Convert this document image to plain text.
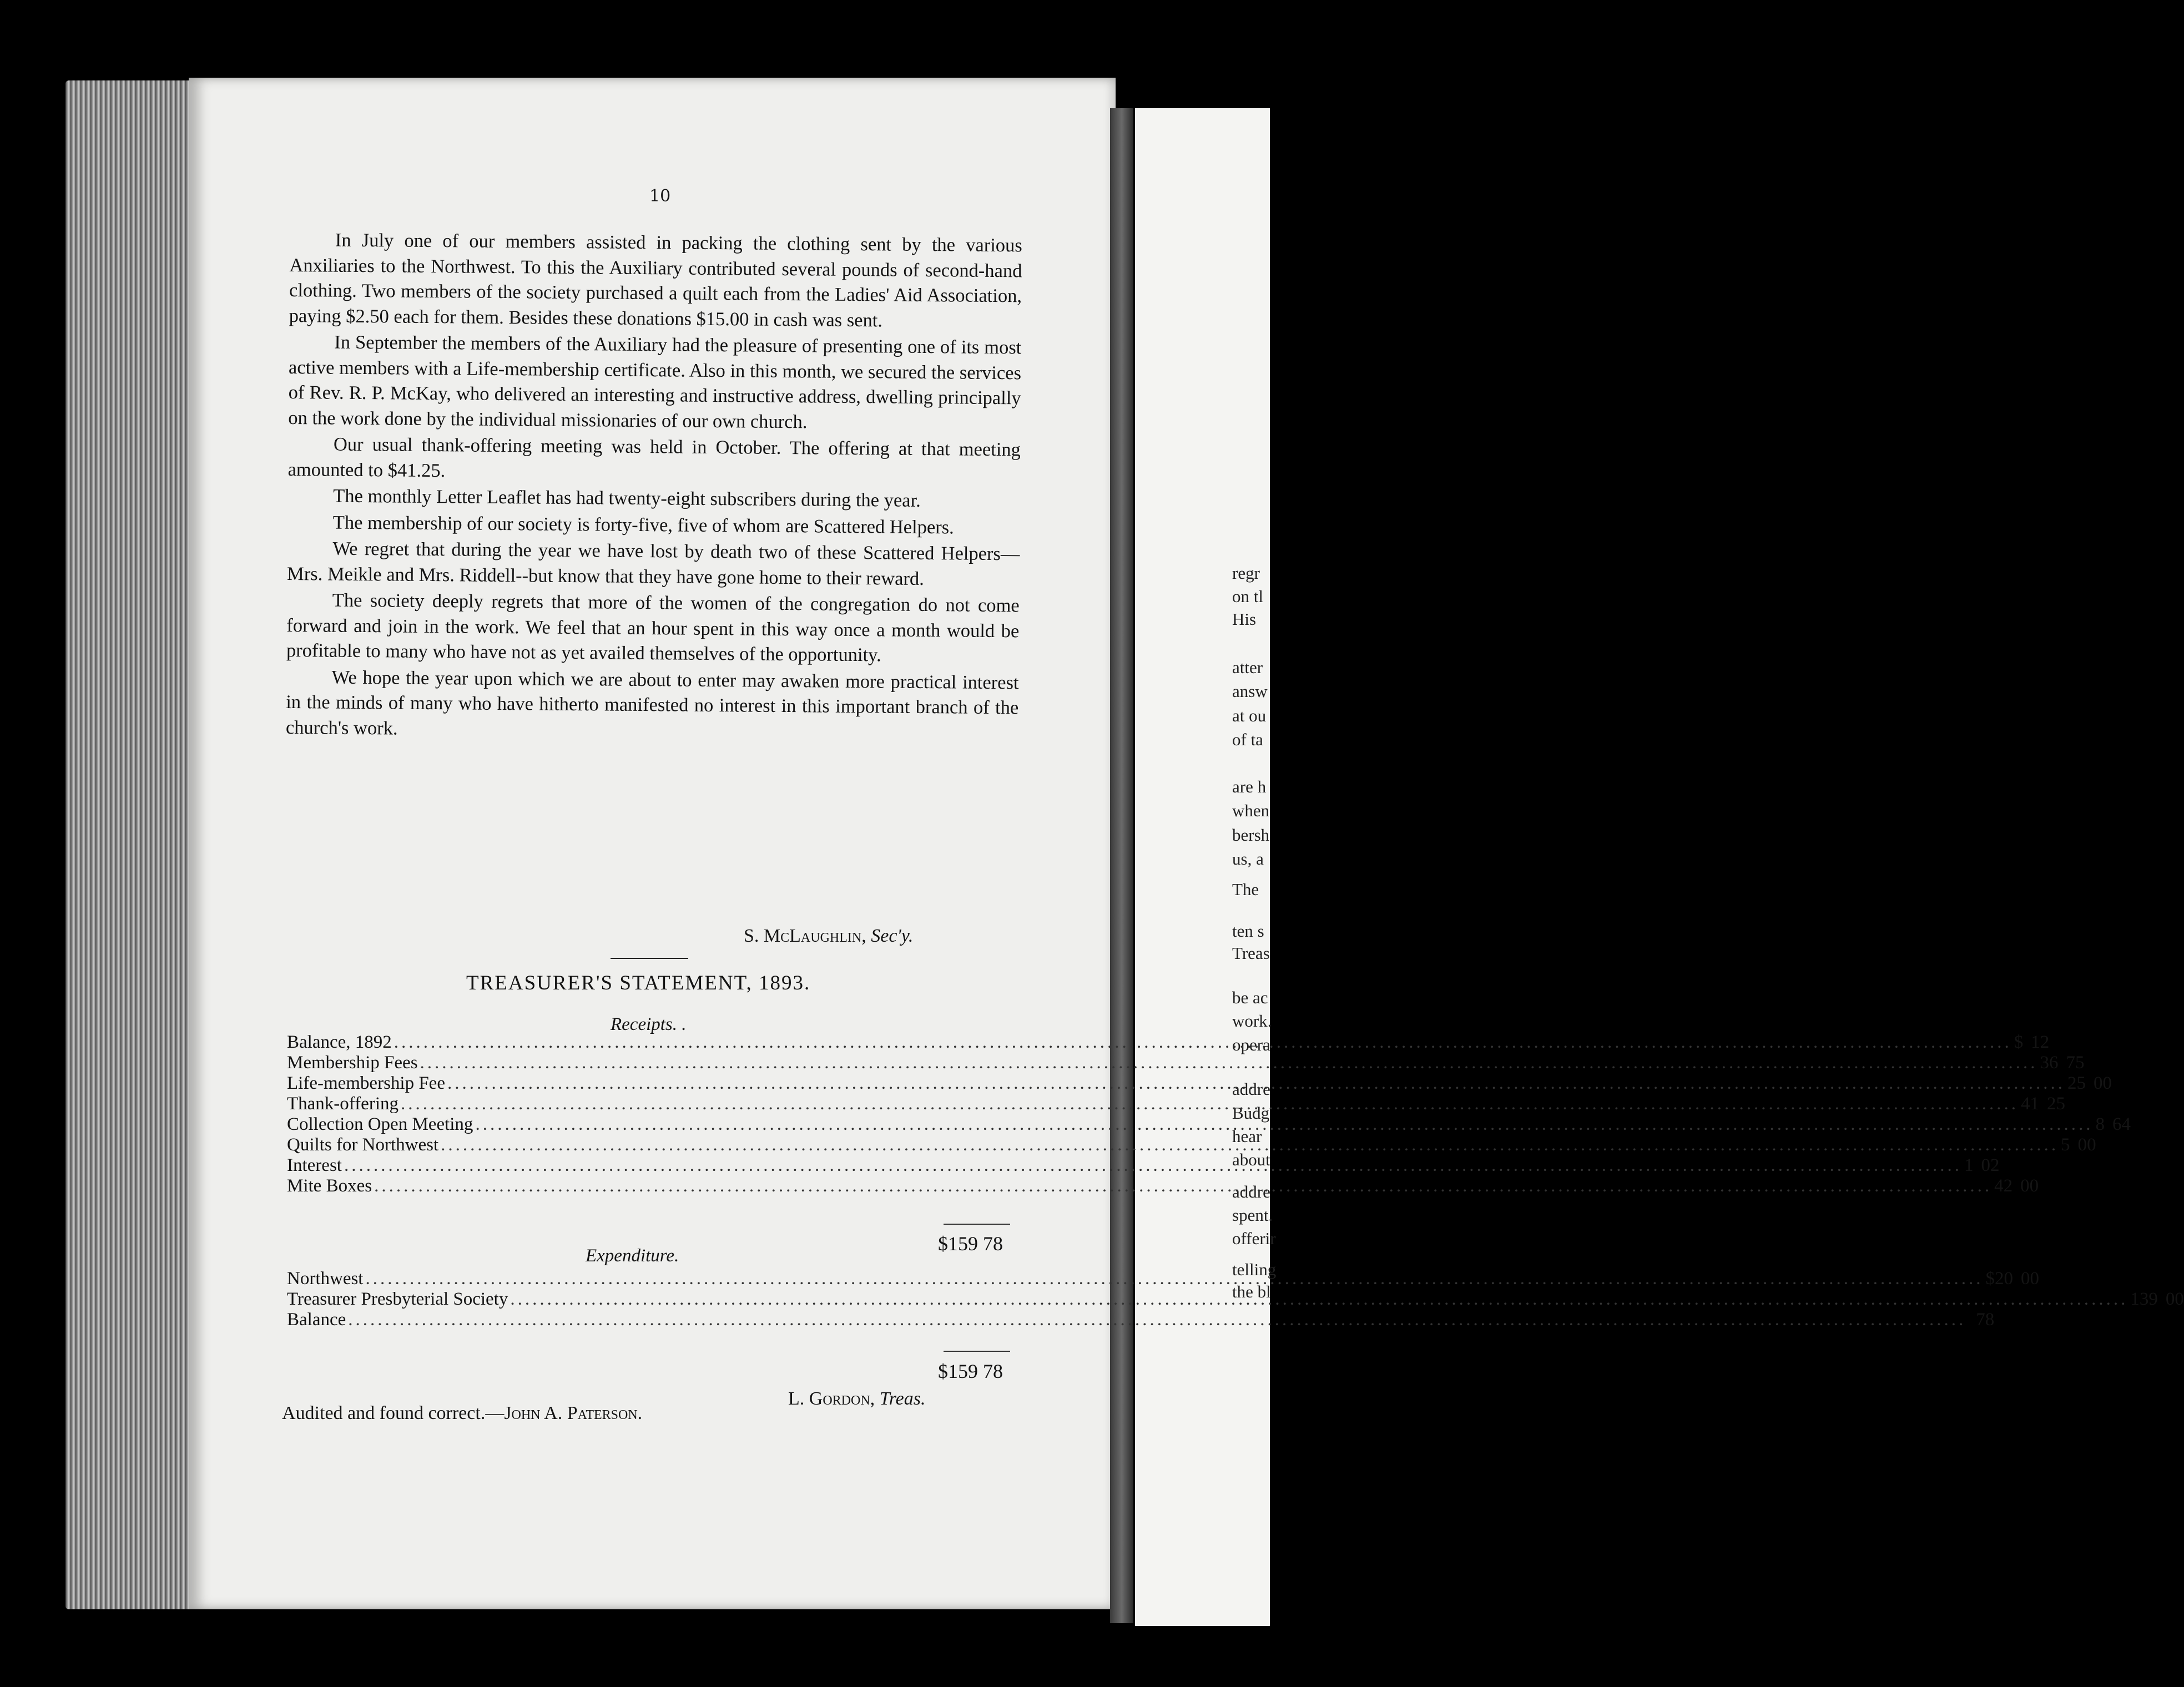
regr
on tl
His
atter
answ
at ou
of ta
are h
when
bersh
us, a
The
ten s
Treas
be ac
work.
opera
addre
Budg
hear
about
addre
spent.
offerir
telling
the bl
10

In July one of our members assisted in packing the clothing sent by the various Anxiliaries to the Northwest. To this the Auxiliary contributed several pounds of second-hand clothing. Two members of the society purchased a quilt each from the Ladies' Aid Association, paying $2.50 each for them. Besides these donations $15.00 in cash was sent.

In September the members of the Auxiliary had the pleasure of presenting one of its most active members with a Life-membership certificate. Also in this month, we secured the services of Rev. R. P. McKay, who delivered an interesting and instructive address, dwelling principally on the work done by the individual missionaries of our own church.

Our usual thank-offering meeting was held in October. The offering at that meeting amounted to $41.25.

The monthly Letter Leaflet has had twenty-eight subscribers during the year.

The membership of our society is forty-five, five of whom are Scattered Helpers.

We regret that during the year we have lost by death two of these Scattered Helpers—Mrs. Meikle and Mrs. Riddell--but know that they have gone home to their reward.

The society deeply regrets that more of the women of the congregation do not come forward and join in the work. We feel that an hour spent in this way once a month would be profitable to many who have not as yet availed themselves of the opportunity.

We hope the year upon which we are about to enter may awaken more practical interest in the minds of many who have hitherto manifested no interest in this important branch of the church's work.

S. McLaughlin, Sec'y.
TREASURER'S STATEMENT, 1893.
Receipts. .
Balance, 1892 .....	$ 12
Membership Fees .....	36 75
Life-membership Fee .....	25 00
Thank-offering .....	41 25
Collection Open Meeting .....	8 64
Quilts for Northwest .....	5 00
Interest .....	1 02
Mite Boxes .....	42 00
$159 78
Expenditure.
Northwest .....	$ 20 00
Treasurer Presbyterial Society .....	139 00
Balance .....	78
$159 78
L. Gordon, Treas.
Audited and found correct.—John A. Paterson.
